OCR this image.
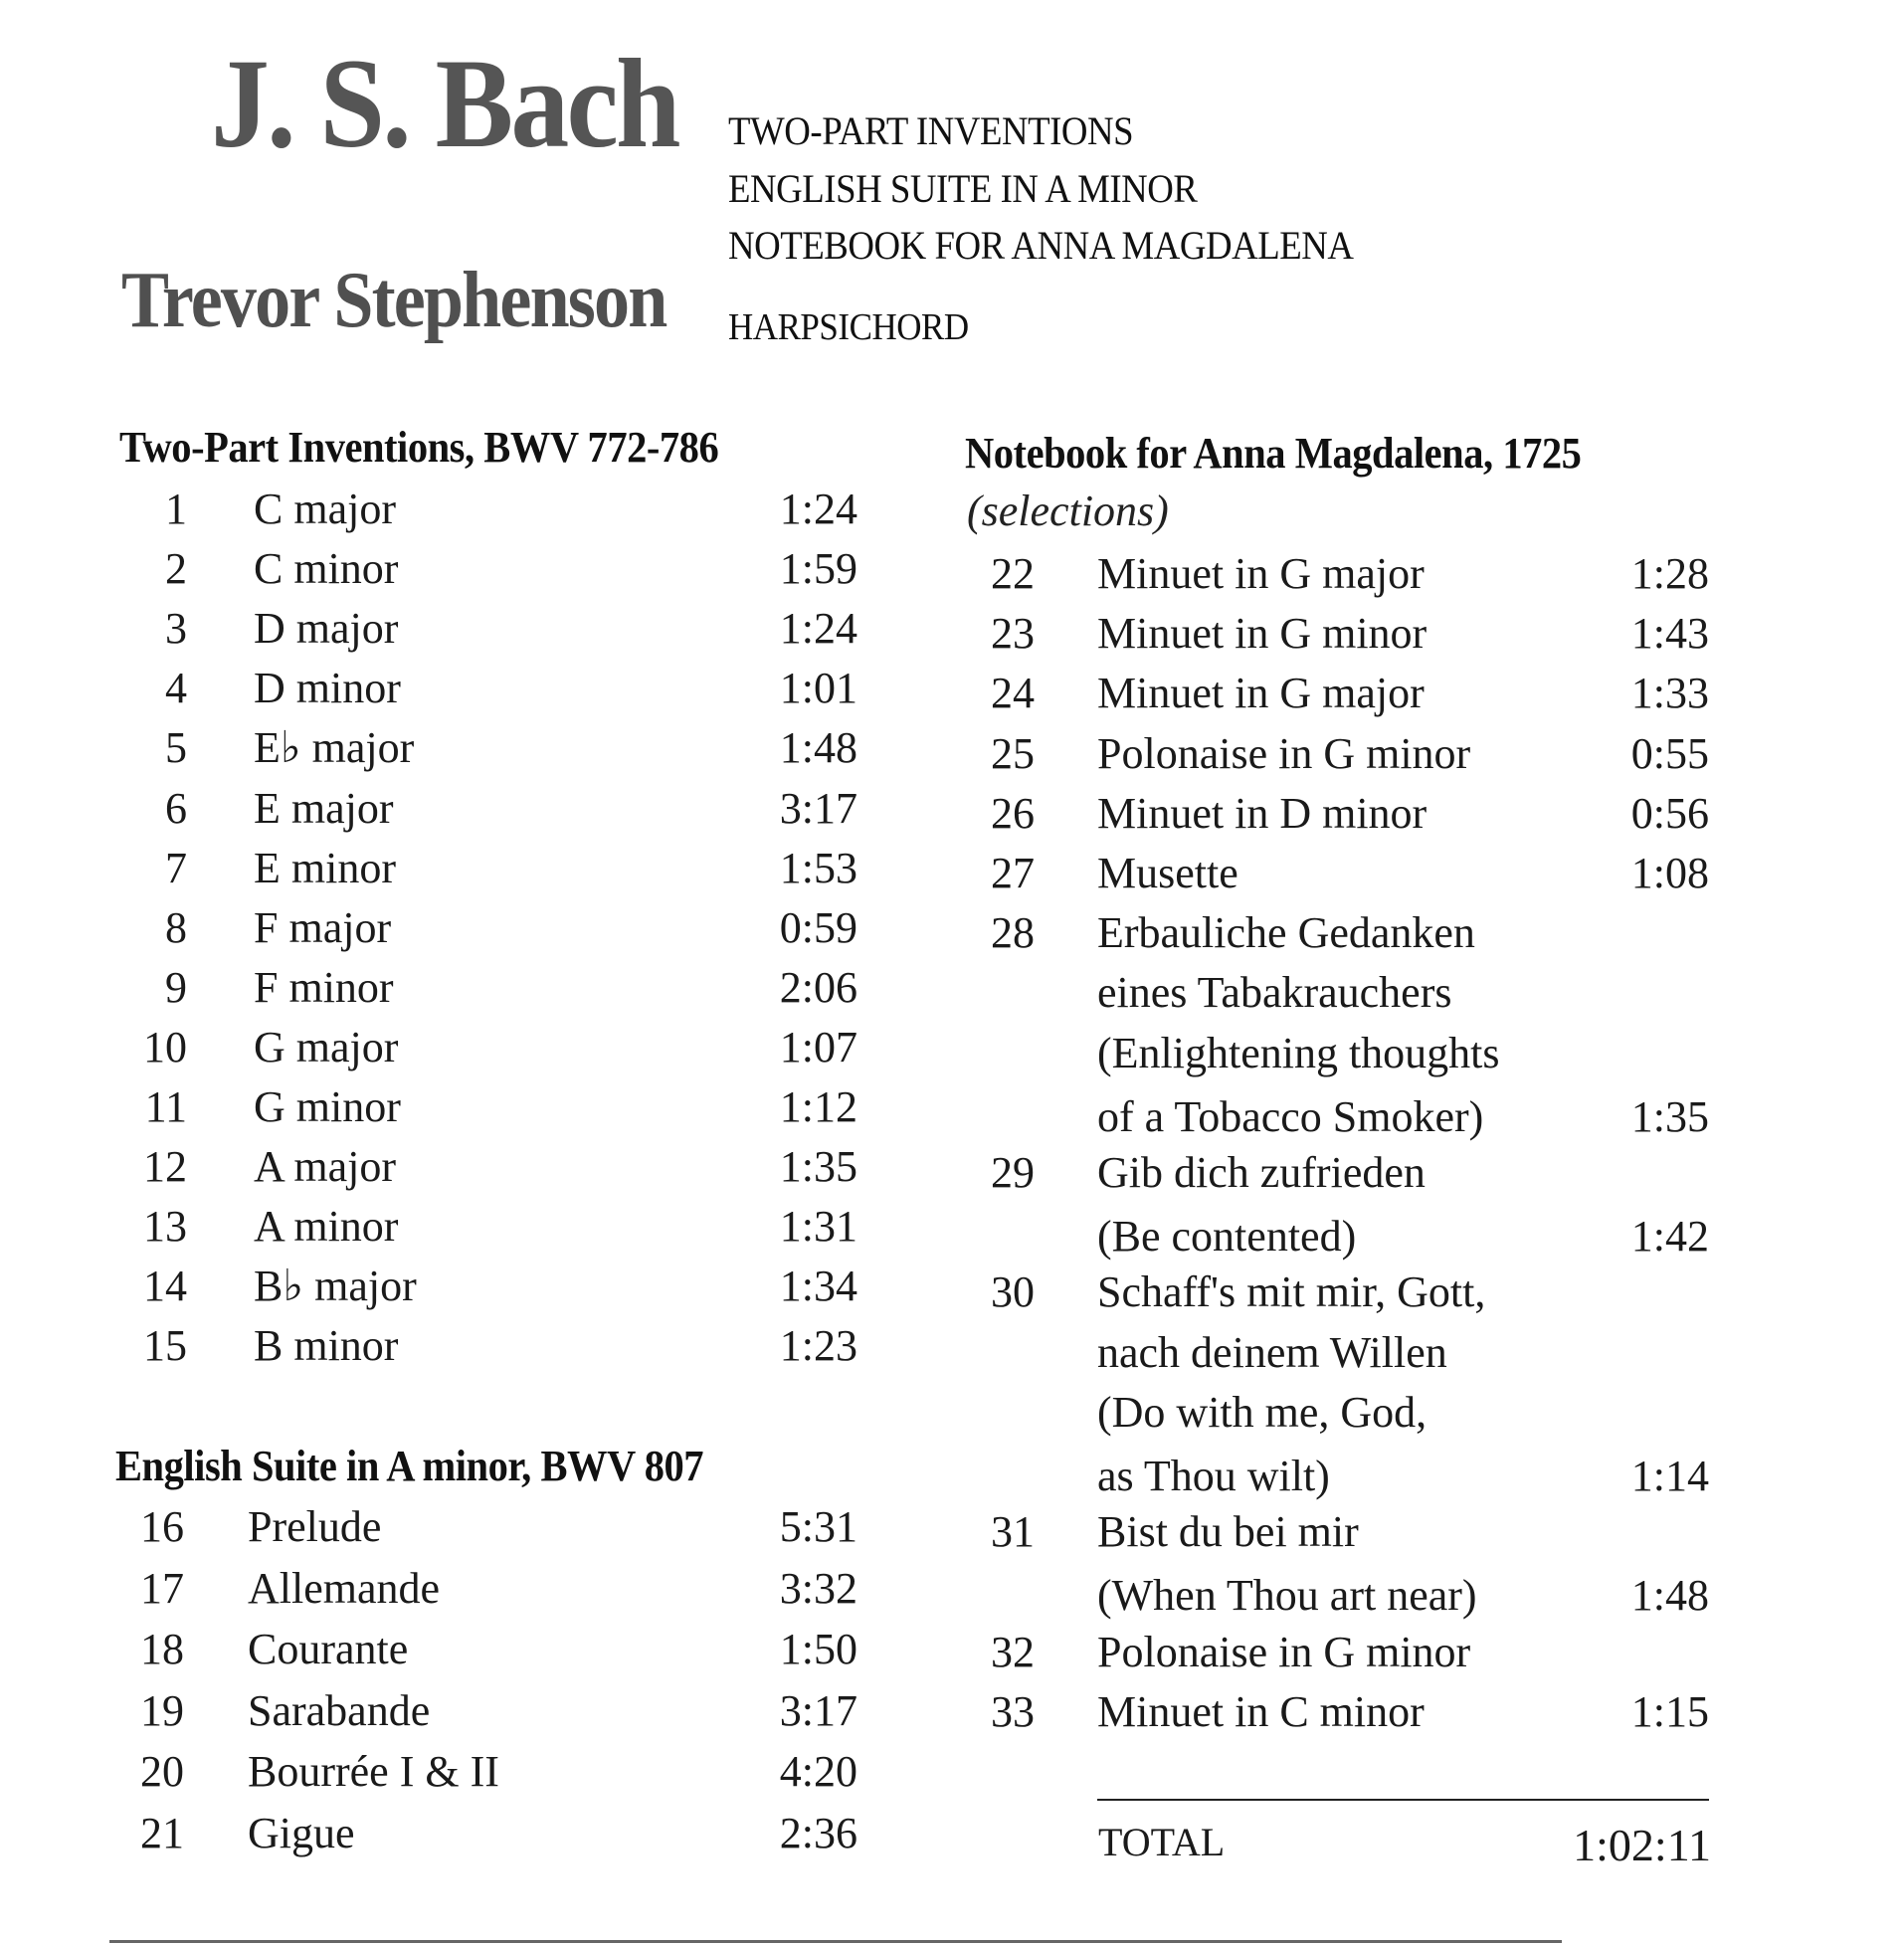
J. S. Bach TWO-PART INVENTIONS
ENGLISH SUITE IN A MINOR
NOTEBOOK FOR ANNA MAGDALENA
Trevor Stephenson HARPSICHORD
Two-Part Inventions, BWV 772-786
1 C major	1:24
2 C minor	1:59
3 D major	1:24
4 D minor	1:01
5 E♭ major	1:48
6 E major	3:17
7 E minor	1:53
8 F major	0:59
9 F minor	2:06
10 G major	1:07
11 G minor	1:12
12 A major	1:35
13 A minor	1:31
14 B♭ major	1:34
15 B minor	1:23
English Suite in A minor, BWV 807
16 Prelude	5:31
17 Allemande	3:32
18 Courante	1:50
19 Sarabande	3:17
20 Bourrée I & II	4:20
21 Gigue	2:36
Notebook for Anna Magdalena, 1725
(selections)
22 Minuet in G major	1:28
23 Minuet in G minor	1:43
24 Minuet in G major	1:33
25 Polonaise in G minor	0:55
26 Minuet in D minor	0:56
27 Musette	1:08
28 Erbauliche Gedanken
eines Tabakrauchers
(Enlightening thoughts
of a Tobacco Smoker)	1:35
29 Gib dich zufrieden
(Be contented)	1:42
30 Schaff's mit mir, Gott,
nach deinem Willen
(Do with me, God,
as Thou wilt)	1:14
31 Bist du bei mir
(When Thou art near)	1:48
32 Polonaise in G minor
33 Minuet in C minor	1:15
TOTAL	1:02:11
